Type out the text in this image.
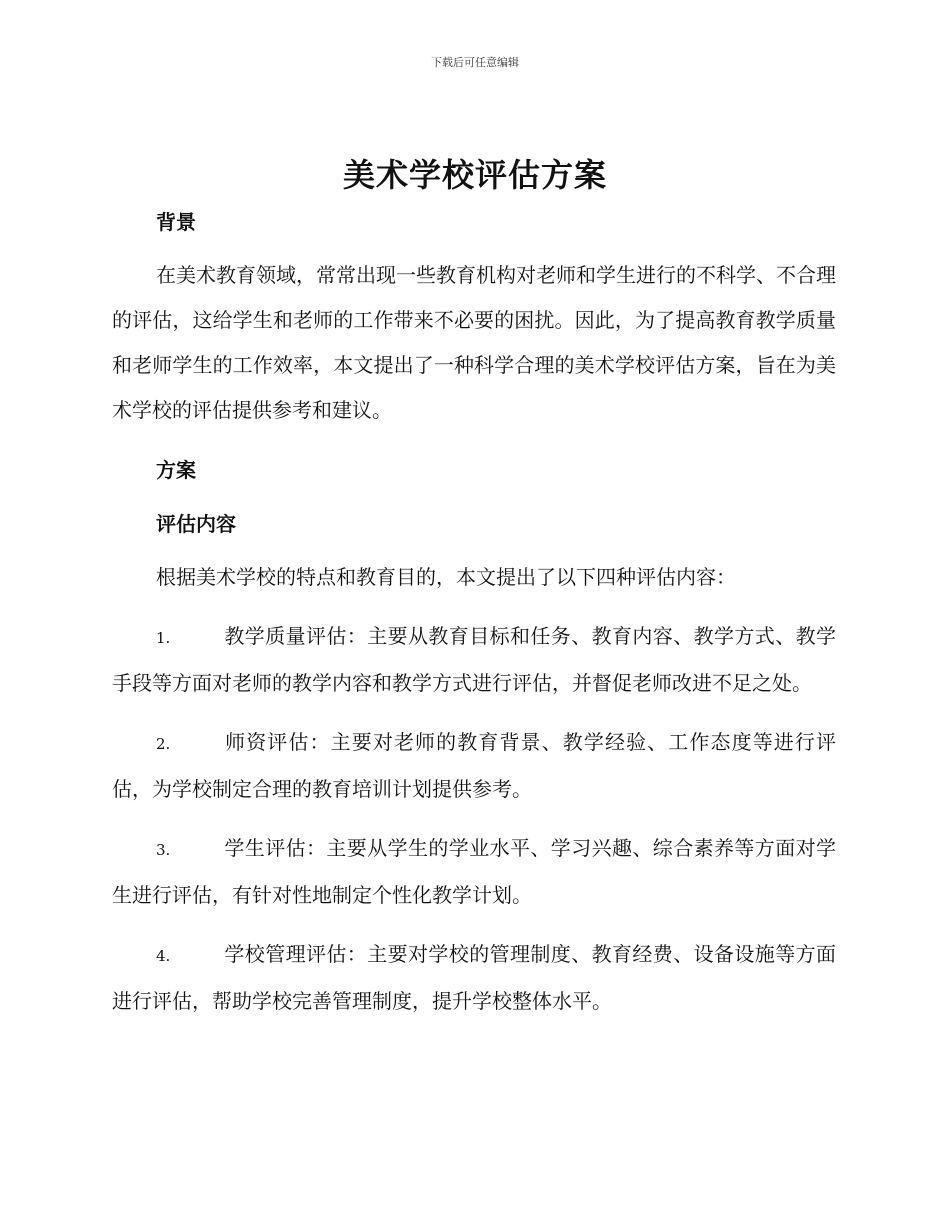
下载后可任意编辑
美术学校评估方案

背景

在美术教育领域，常常出现一些教育机构对老师和学生进行的不科学、不合理的评估，这给学生和老师的工作带来不必要的困扰。因此，为了提高教育教学质量和老师学生的工作效率，本文提出了一种科学合理的美术学校评估方案，旨在为美术学校的评估提供参考和建议。

方案

评估内容

根据美术学校的特点和教育目的，本文提出了以下四种评估内容：

1.	教学质量评估：主要从教育目标和任务、教育内容、教学方式、教学手段等方面对老师的教学内容和教学方式进行评估，并督促老师改进不足之处。

2.	师资评估：主要对老师的教育背景、教学经验、工作态度等进行评估，为学校制定合理的教育培训计划提供参考。

3.	学生评估：主要从学生的学业水平、学习兴趣、综合素养等方面对学生进行评估，有针对性地制定个性化教学计划。

4.	学校管理评估：主要对学校的管理制度、教育经费、设备设施等方面进行评估，帮助学校完善管理制度，提升学校整体水平。
